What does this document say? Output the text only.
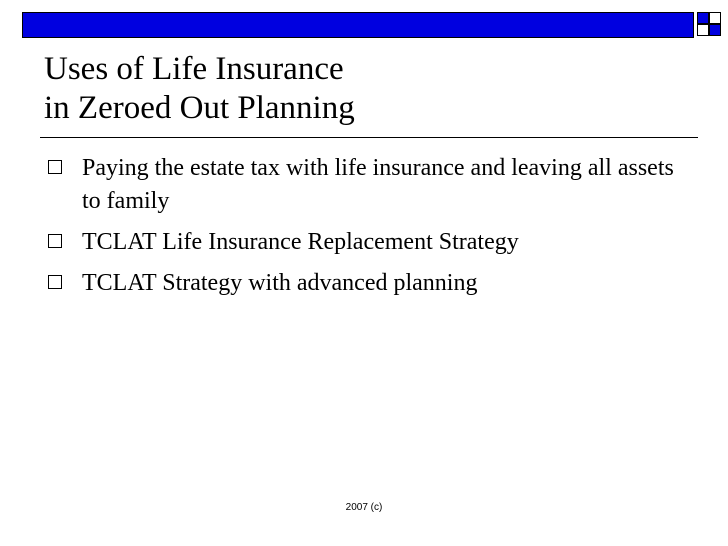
Uses of Life Insurance
in Zeroed Out Planning
Paying the estate tax with life insurance and leaving all assets to family
TCLAT Life Insurance Replacement Strategy
TCLAT Strategy with advanced planning
2007 (c)
